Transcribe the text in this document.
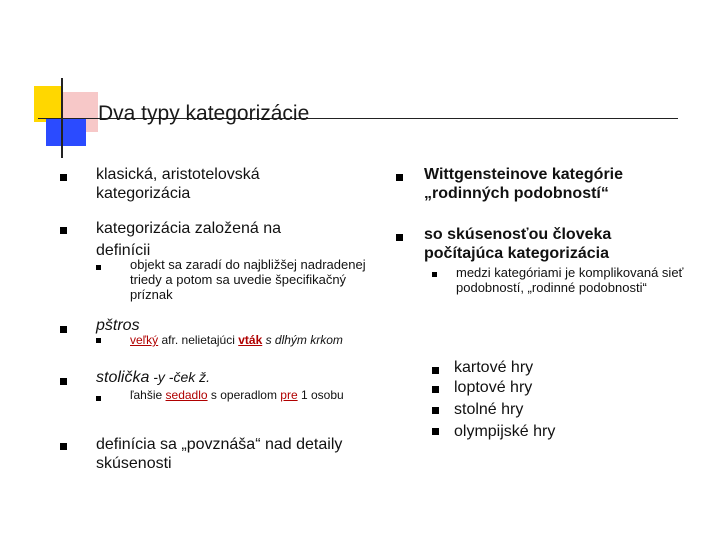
Dva typy kategorizácie
klasická, aristotelovská kategorizácia
kategorizácia založená na definícii
objekt sa zaradí do najbližšej nadradenej triedy a potom sa uvedie špecifikačný príznak
pštros
veľký afr. nelietajúci vták s dlhým krkom
stolička -y -ček ž.
ľahšie sedadlo s operadlom pre 1 osobu
definícia sa „povznáša“ nad detaily skúsenosti
Wittgensteinove kategórie „rodinných podobností“
so skúsenosťou človeka počítajúca kategorizácia
medzi kategóriami je komplikovaná sieť podobností, „rodinné podobnosti“
kartové hry
loptové hry
stolné hry
olympijské hry
